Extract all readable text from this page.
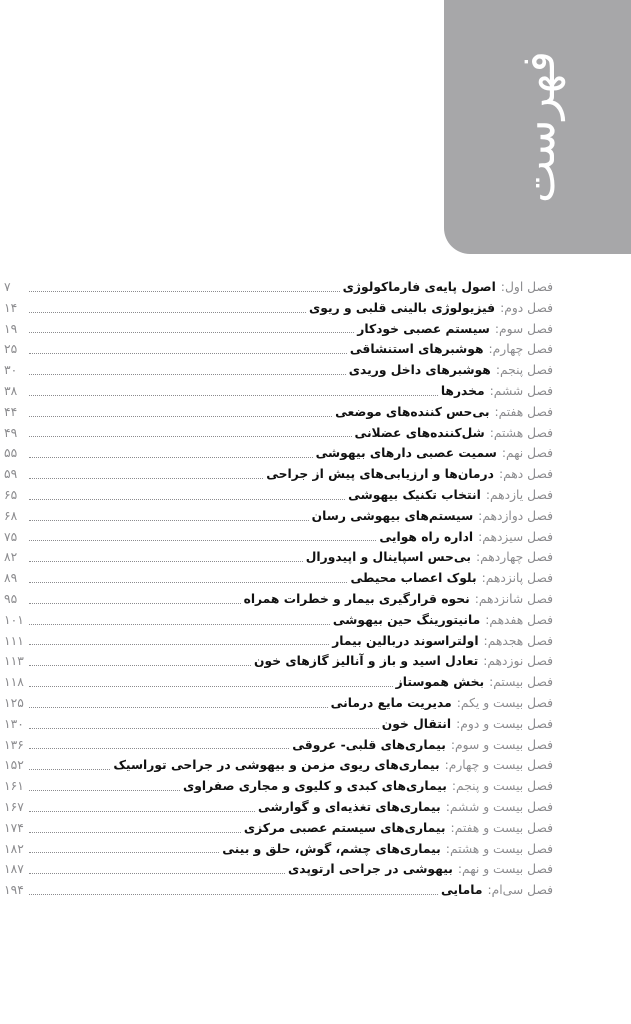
فهرست
فصل اول:
اصول پایه‌ی فارماکولوژی
۷
فصل دوم:
فیزیولوژی بالینی قلبی و ریوی
۱۴
فصل سوم:
سیستم عصبی خودکار
۱۹
فصل چهارم:
هوشبرهای استنشاقی
۲۵
فصل پنجم:
هوشبرهای داخل وریدی
۳۰
فصل ششم:
مخدرها
۳۸
فصل هفتم:
بی‌حس کننده‌های موضعی
۴۴
فصل هشتم:
شل‌کننده‌های عضلانی
۴۹
فصل نهم:
سمیت عصبی دارهای بیهوشی
۵۵
فصل دهم:
درمان‌ها و ارزیابی‌های پیش از جراحی
۵۹
فصل یازدهم:
انتخاب تکنیک بیهوشی
۶۵
فصل دوازدهم:
سیستم‌های بیهوشی رسان
۶۸
فصل سیزدهم:
اداره راه هوایی
۷۵
فصل چهاردهم:
بی‌حس اسپاینال و اپیدورال
۸۲
فصل پانزدهم:
بلوک اعصاب محیطی
۸۹
فصل شانزدهم:
نحوه قرارگیری بیمار و خطرات همراه
۹۵
فصل هفدهم:
مانیتورینگ حین بیهوشی
۱۰۱
فصل هجدهم:
اولتراسوند دربالین بیمار
۱۱۱
فصل نوزدهم:
تعادل اسید و باز و آنالیز گازهای خون
۱۱۳
فصل بیستم:
بخش هموستاز
۱۱۸
فصل بیست و یکم:
مدیریت مایع درمانی
۱۲۵
فصل بیست و دوم:
انتقال خون
۱۳۰
فصل بیست و سوم:
بیماری‌های قلبی- عروقی
۱۳۶
فصل بیست و چهارم:
بیماری‌های ریوی مزمن و بیهوشی در جراحی توراسیک
۱۵۲
فصل بیست و پنجم:
بیماری‌های کبدی و کلیوی و مجاری صفراوی
۱۶۱
فصل بیست و ششم:
بیماری‌های تغذیه‌ای و گوارشی
۱۶۷
فصل بیست و هفتم:
بیماری‌های سیستم عصبی مرکزی
۱۷۴
فصل بیست و هشتم:
بیماری‌های چشم، گوش، حلق و بینی
۱۸۲
فصل بیست و نهم:
بیهوشی در جراحی ارتوپدی
۱۸۷
فصل سی‌ام:
مامایی
۱۹۴
